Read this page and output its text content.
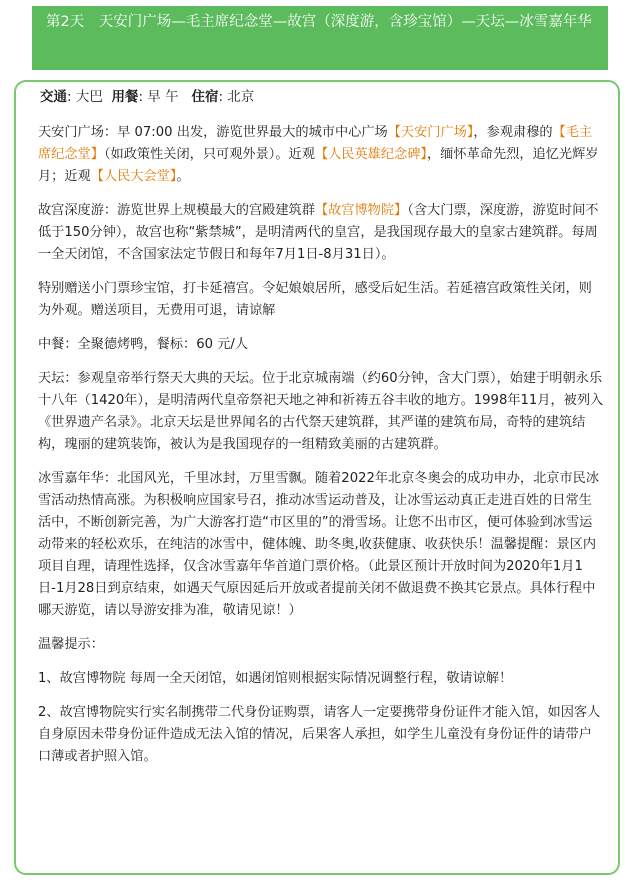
第2天　天安门广场—毛主席纪念堂—故宫（深度游，含珍宝馆）—天坛—冰雪嘉年华
交通: 大巴 用餐: 早 午 住宿: 北京

天安门广场：早 07:00 出发，游览世界最大的城市中心广场【天安门广场】，参观肃穆的【毛主席纪念堂】（如政策性关闭，只可观外景）。近观【人民英雄纪念碑】，缅怀革命先烈，追忆光辉岁月；近观【人民大会堂】。

故宫深度游：游览世界上规模最大的宫殿建筑群【故宫博物院】（含大门票，深度游，游览时间不低于150分钟），故宫也称“紫禁城”，是明清两代的皇宫，是我国现存最大的皇家古建筑群。每周一全天闭馆，不含国家法定节假日和每年7月1日-8月31日）。

特别赠送小门票珍宝馆，打卡延禧宫。令妃娘娘居所，感受后妃生活。若延禧宫政策性关闭，则为外观。赠送项目，无费用可退，请谅解

中餐：全聚德烤鸭，餐标：60 元/人

天坛：参观皇帝举行祭天大典的天坛。位于北京城南端（约60分钟，含大门票），始建于明朝永乐十八年（1420年），是明清两代皇帝祭祀天地之神和祈祷五谷丰收的地方。1998年11月，被列入《世界遗产名录》。北京天坛是世界闻名的古代祭天建筑群，其严谨的建筑布局，奇特的建筑结构，瑰丽的建筑装饰，被认为是我国现存的一组精致美丽的古建筑群。

冰雪嘉年华：北国风光，千里冰封，万里雪飘。随着2022年北京冬奥会的成功申办，北京市民冰雪活动热情高涨。为积极响应国家号召，推动冰雪运动普及，让冰雪运动真正走进百姓的日常生活中，不断创新完善，为广大游客打造“市区里的”的滑雪场。让您不出市区，便可体验到冰雪运动带来的轻松欢乐，在纯洁的冰雪中，健体魄、助冬奥,收获健康、收获快乐！温馨提醒：景区内项目自理，请理性选择，仅含冰雪嘉年华首道门票价格。（此景区预计开放时间为2020年1月1日-1月28日到京结束，如遇天气原因延后开放或者提前关闭不做退费不换其它景点。具体行程中哪天游览，请以导游安排为准，敬请见谅！）

温馨提示：

1、故宫博物院 每周一全天闭馆，如遇闭馆则根据实际情况调整行程，敬请谅解！

2、故宫博物院实行实名制携带二代身份证购票，请客人一定要携带身份证件才能入馆，如因客人自身原因未带身份证件造成无法入馆的情况，后果客人承担，如学生儿童没有身份证件的请带户口薄或者护照入馆。
